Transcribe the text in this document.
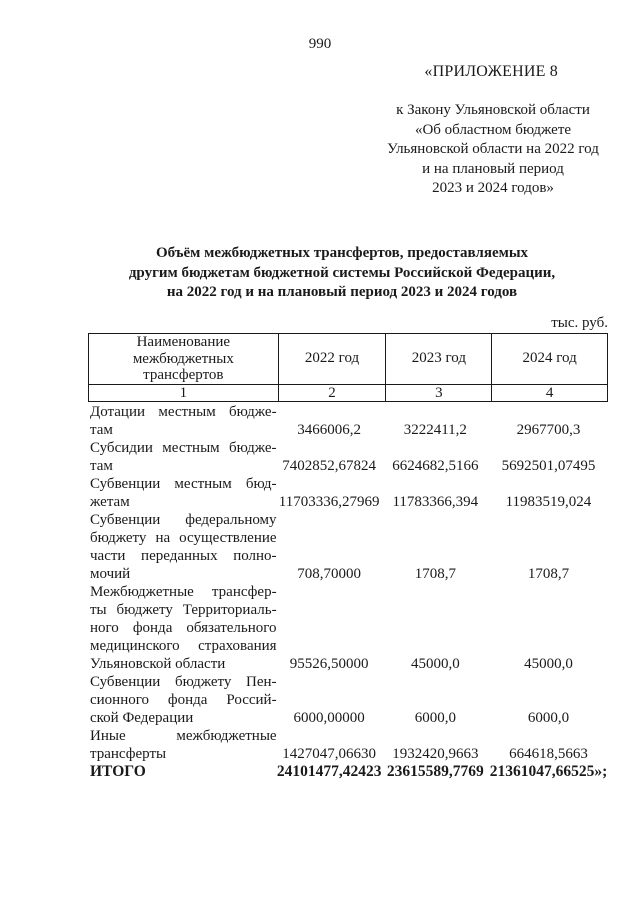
990
«ПРИЛОЖЕНИЕ 8
к Закону Ульяновской области
«Об областном бюджете
Ульяновской области на 2022 год
и на плановый период
2023 и 2024 годов»
Объём межбюджетных трансфертов, предоставляемых
другим бюджетам бюджетной системы Российской Федерации,
на 2022 год и на плановый период 2023 и 2024 годов
тыс. руб.
Наименование
межбюджетных
трансфертов	2022 год	2023 год	2024 год
1	2	3	4
Дотации местным бюдже-
там	3466006,2	3222411,2	2967700,3
Субсидии местным бюдже-
там	7402852,67824	6624682,5166	5692501,07495
Субвенции местным бюд-
жетам	11703336,27969 11783366,394	11983519,024
Субвенции федеральному
бюджету на осуществление
части переданных полно-
мочий	708,70000	1708,7	1708,7
Межбюджетные трансфер-
ты бюджету Территориаль-
ного фонда обязательного
медицинского страхования
Ульяновской области	95526,50000	45000,0	45000,0
Субвенции бюджету Пен-
сионного фонда Россий-
ской Федерации	6000,00000	6000,0	6000,0
Иные межбюджетные
трансферты	1427047,06630	1932420,9663	664618,5663
ИТОГО	24101477,42423 23615589,7769 21361047,66525»;
